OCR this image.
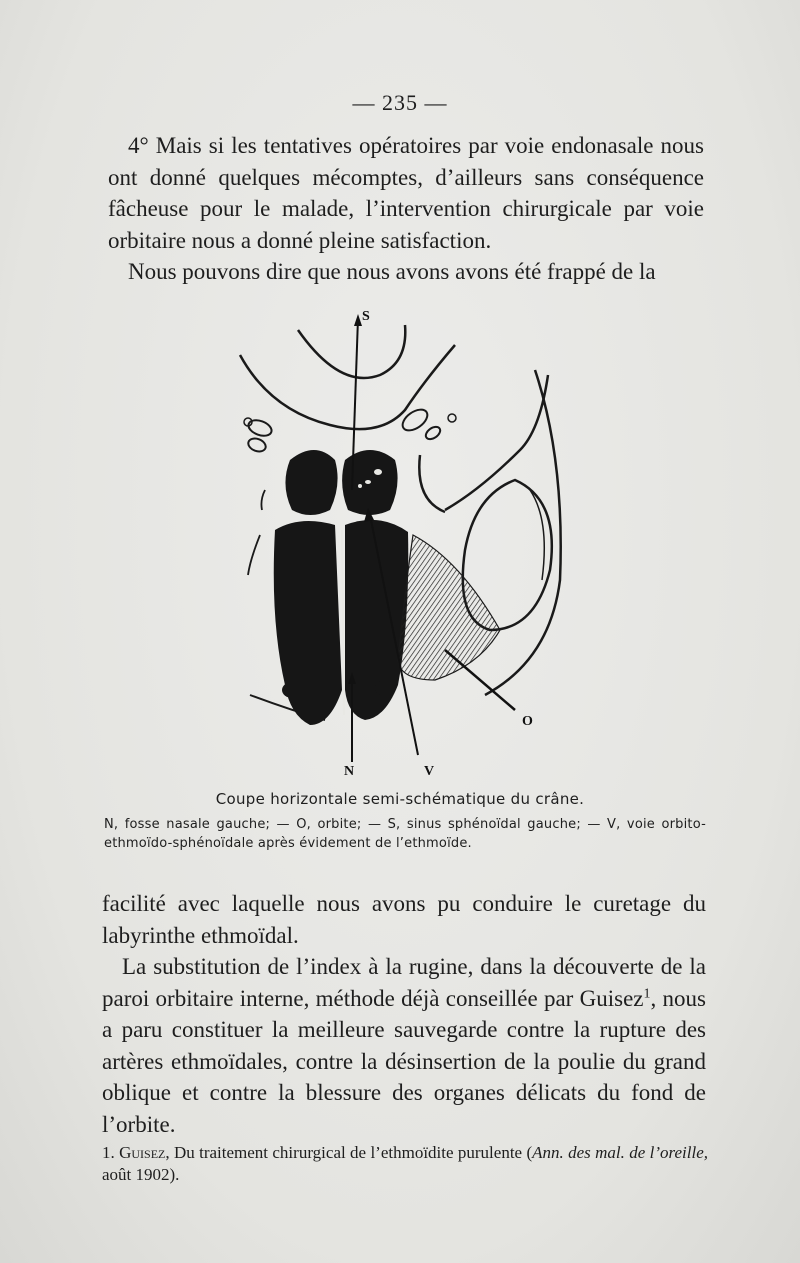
— 235 —

4° Mais si les tentatives opératoires par voie endonasale nous ont donné quelques mécomptes, d’ailleurs sans conséquence fâcheuse pour le malade, l’intervention chirurgicale par voie orbitaire nous a donné pleine satisfaction.

Nous pouvons dire que nous avons avons été frappé de la

S
N	V
O
Coupe horizontale semi-schématique du crâne.
N, fosse nasale gauche; — O, orbite; — S, sinus sphénoïdal gauche; — V, voie orbito-ethmoïdo-sphénoïdale après évidement de l’ethmoïde.

facilité avec laquelle nous avons pu conduire le curetage du labyrinthe ethmoïdal.

La substitution de l’index à la rugine, dans la découverte de la paroi orbitaire interne, méthode déjà conseillée par Guisez$^1$, nous a paru constituer la meilleure sauvegarde contre la rupture des artères ethmoïdales, contre la désinsertion de la poulie du grand oblique et contre la blessure des organes délicats du fond de l’orbite.

1. Guisez, Du traitement chirurgical de l’ethmoïdite purulente (Ann. des mal. de l’oreille, août 1902).
